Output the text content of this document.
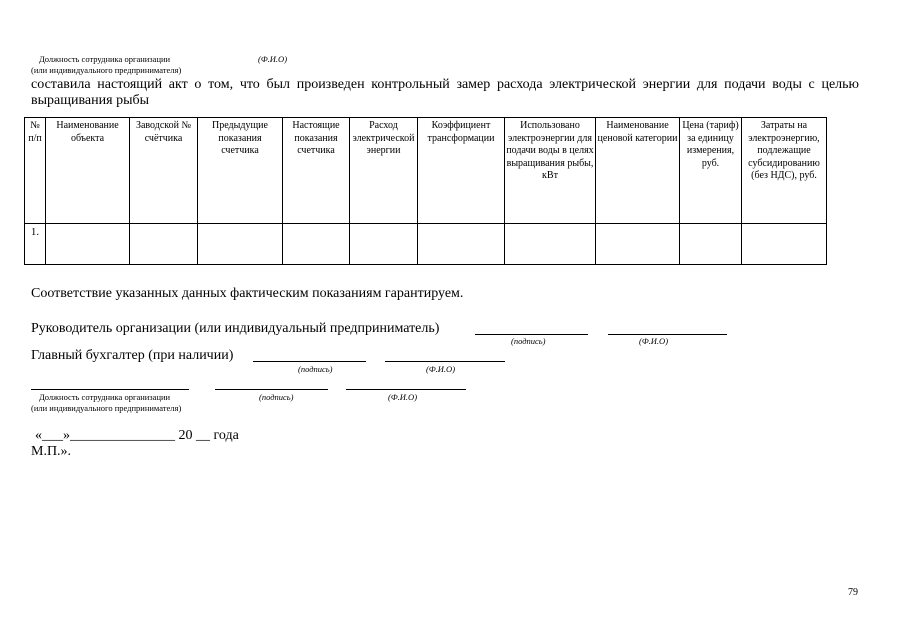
Должность сотрудника организации	(Ф.И.О)
(или индивидуального предпринимателя)
составила настоящий акт о том, что был произведен контрольный замер расхода электрической энергии для подачи воды с целью выращивания рыбы
№ п/п	Наименование объекта	Заводской № счётчика	Предыдущие показания счетчика	Настоящие показания счетчика	Расход электрической энергии	Коэффициент трансформации	Использовано электроэнергии для подачи воды в целях выращивания рыбы, кВт	Наименование ценовой категории	Цена (тариф) за единицу измерения, руб.	Затраты на электроэнергию, подлежащие субсидированию (без НДС), руб.
1.										
Соответствие указанных данных фактическим показаниям гарантируем.
Руководитель организации (или индивидуальный предприниматель)
(подпись)	(Ф.И.О)
Главный бухгалтер (при наличии)
(подпись)	(Ф.И.О)
Должность сотрудника организации	(подпись)	(Ф.И.О)
(или индивидуального предпринимателя)
«___»_______________ 20 __ года
М.П.».
79
